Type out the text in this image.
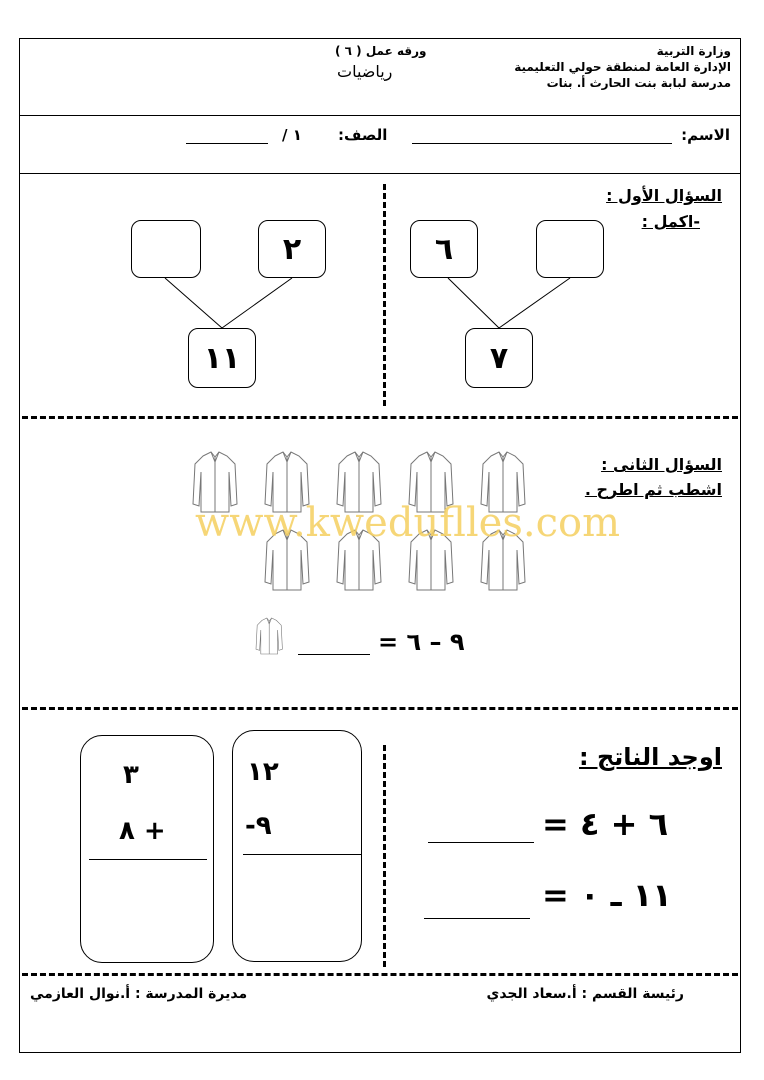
وزارة التربية
الإدارة العامة لمنطقة حولي التعليمية
مدرسة لبابة بنت الحارث أ. بنات
ورقه عمل ( ٦ )
رياضيات
الاسم:
الصف:
١ /
السؤال الأول :
-اكمل :
٦
٧
٢
١١
السؤال الثانى :
اشطب ثم اطرح .
www.kweduflles.com
٩ – ٦ =
اوجد الناتج :
٦ + ٤ =
١١ ـ ٠ =
١٢
٩-
٣
+ ٨
رئيسة القسم : أ.سعاد الجدي
مديرة المدرسة : أ.نوال العازمي
